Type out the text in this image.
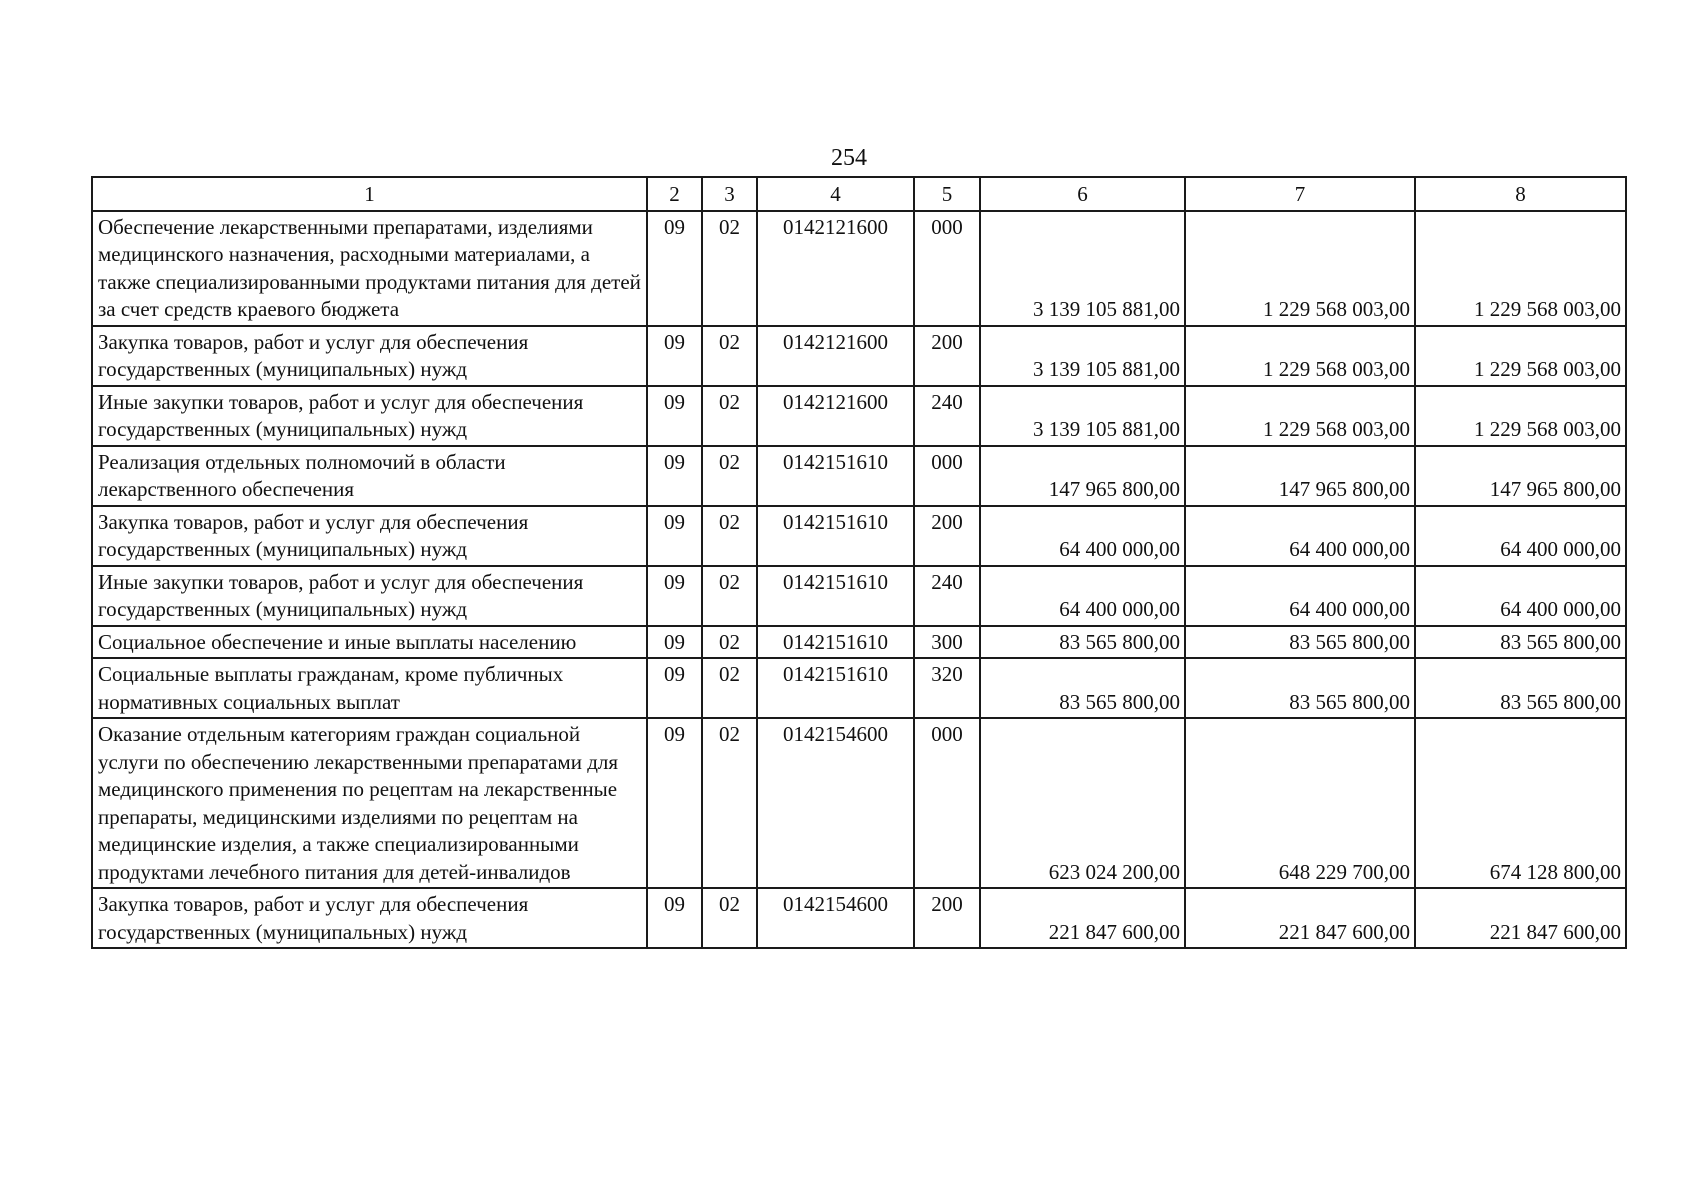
254
1	2	3	4	5	6	7	8
Обеспечение лекарственными препаратами, изделиями медицинского назначения, расходными материалами, а также специализированными продуктами питания для детей за счет средств краевого бюджета	09	02	0142121600	000	3 139 105 881,00	1 229 568 003,00	1 229 568 003,00
Закупка товаров, работ и услуг для обеспечения государственных (муниципальных) нужд	09	02	0142121600	200	3 139 105 881,00	1 229 568 003,00	1 229 568 003,00
Иные закупки товаров, работ и услуг для обеспечения государственных (муниципальных) нужд	09	02	0142121600	240	3 139 105 881,00	1 229 568 003,00	1 229 568 003,00
Реализация отдельных полномочий в области лекарственного обеспечения	09	02	0142151610	000	147 965 800,00	147 965 800,00	147 965 800,00
Закупка товаров, работ и услуг для обеспечения государственных (муниципальных) нужд	09	02	0142151610	200	64 400 000,00	64 400 000,00	64 400 000,00
Иные закупки товаров, работ и услуг для обеспечения государственных (муниципальных) нужд	09	02	0142151610	240	64 400 000,00	64 400 000,00	64 400 000,00
Социальное обеспечение и иные выплаты населению	09	02	0142151610	300	83 565 800,00	83 565 800,00	83 565 800,00
Социальные выплаты гражданам, кроме публичных нормативных социальных выплат	09	02	0142151610	320	83 565 800,00	83 565 800,00	83 565 800,00
Оказание отдельным категориям граждан социальной услуги по обеспечению лекарственными препаратами для медицинского применения по рецептам на лекарственные препараты, медицинскими изделиями по рецептам на медицинские изделия, а также специализированными продуктами лечебного питания для детей-инвалидов	09	02	0142154600	000	623 024 200,00	648 229 700,00	674 128 800,00
Закупка товаров, работ и услуг для обеспечения государственных (муниципальных) нужд	09	02	0142154600	200	221 847 600,00	221 847 600,00	221 847 600,00
